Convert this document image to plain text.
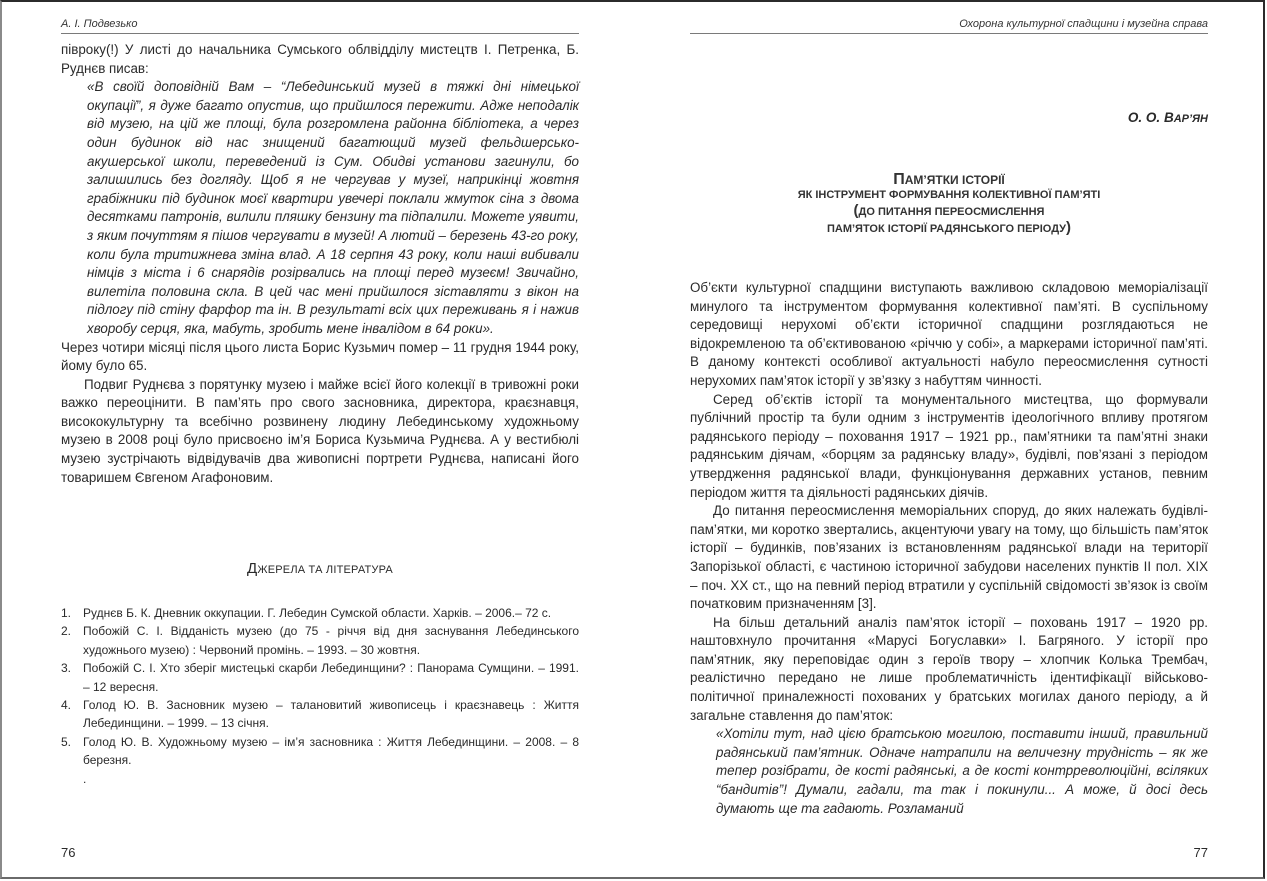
А. І. Подвезько

півроку(!) У листі до начальника Сумського облвідділу мистецтв І. Петренка, Б. Руднєв писав:

«В своїй доповідній Вам – “Лебединський музей в тяжкі дні німецької окупації”, я дуже багато опустив, що прийшлося пережити. Адже неподалік від музею, на цій же площі, була розгромлена районна бібліотека, а через один будинок від нас знищений багатющий музей фельдшерсько-акушерської школи, переведений із Сум. Обидві установи загинули, бо залишились без догляду. Щоб я не чергував у музеї, наприкінці жовтня грабіжники під будинок моєї квартири увечері поклали жмуток сіна з двома десятками патронів, вилили пляшку бензину та підпалили. Можете уявити, з яким почуттям я пішов чергувати в музей! А лютий – березень 43-го року, коли була тритижнева зміна влад. А 18 серпня 43 року, коли наші вибивали німців з міста і 6 снарядів розірвались на площі перед музеєм! Звичайно, вилетіла половина скла. В цей час мені прийшлося зіставляти з вікон на підлогу під стіну фарфор та ін. В результаті всіх цих переживань я і нажив хворобу серця, яка, мабуть, зробить мене інвалідом в 64 роки».

Через чотири місяці після цього листа Борис Кузьмич помер – 11 грудня 1944 року, йому було 65.

Подвиг Руднєва з порятунку музею і майже всієї його колекції в тривожні роки важко переоцінити. В пам’ять про свого засновника, директора, краєзнавця, висококультурну та всебічно розвинену людину Лебединському художньому музею в 2008 році було присвоєно ім’я Бориса Кузьмича Руднєва. А у вестибюлі музею зустрічають відвідувачів два живописні портрети Руднєва, написані його товаришем Євгеном Агафоновим.

ДЖЕРЕЛА ТА ЛІТЕРАТУРА
1. Руднєв Б. К. Дневник оккупации. Г. Лебедин Сумской области. Харків. – 2006.– 72 с.
2. Побожій С. І. Відданість музею (до 75 - річчя від дня заснування Лебединського художнього музею) : Червоний промінь. – 1993. – 30 жовтня.
3. Побожій С. І. Хто зберіг мистецькі скарби Лебединщини? : Панорама Сумщини. – 1991. – 12 вересня.
4. Голод Ю. В. Засновник музею – талановитий живописець і краєзнавець : Життя Лебединщини. – 1999. – 13 січня.
5. Голод Ю. В. Художньому музею – ім’я засновника : Життя Лебединщини. – 2008. – 8 березня.
.
76
Охорона культурної спадщини і музейна справа
О. О. ВАР’ЯН
ПАМ’ЯТКИ ІСТОРІЇ
ЯК ІНСТРУМЕНТ ФОРМУВАННЯ КОЛЕКТИВНОЇ ПАМ’ЯТІ
(ДО ПИТАННЯ ПЕРЕОСМИСЛЕННЯ
ПАМ’ЯТОК ІСТОРІЇ РАДЯНСЬКОГО ПЕРІОДУ)

Об’єкти культурної спадщини виступають важливою складовою меморіалізації минулого та інструментом формування колективної пам’яті. В суспільному середовищі нерухомі об’єкти історичної спадщини розглядаються не відокремленою та об’єктивованою «річчю у собі», а маркерами історичної пам’яті. В даному контексті особливої актуальності набуло переосмислення сутності нерухомих пам’яток історії у зв’язку з набуттям чинності.

Серед об’єктів історії та монументального мистецтва, що формували публічний простір та були одним з інструментів ідеологічного впливу протягом радянського періоду – поховання 1917 – 1921 рр., пам’ятники та пам’ятні знаки радянським діячам, «борцям за радянську владу», будівлі, пов’язані з періодом утвердження радянської влади, функціонування державних установ, певним періодом життя та діяльності радянських діячів.

До питання переосмислення меморіальних споруд, до яких належать будівлі-пам’ятки, ми коротко звертались, акцентуючи увагу на тому, що більшість пам’яток історії – будинків, пов’язаних із встановленням радянської влади на території Запорізької області, є частиною історичної забудови населених пунктів ІІ пол. ХІХ – поч. ХХ ст., що на певний період втратили у суспільній свідомості зв’язок із своїм початковим призначенням [3].

На більш детальний аналіз пам’яток історії – поховань 1917 – 1920 рр. наштовхнуло прочитання «Марусі Богуславки» І. Багряного. У історії про пам’ятник, яку переповідає один з героїв твору – хлопчик Колька Трембач, реалістично передано не лише проблематичність ідентифікації військово-політичної приналежності похованих у братських могилах даного періоду, а й загальне ставлення до пам’яток:

«Хотіли тут, над цією братською могилою, поставити інший, правильний радянський пам’ятник. Одначе натрапили на величезну трудність – як же тепер розібрати, де кості радянські, а де кості контрреволюційні, всіляких “бандитів”! Думали, гадали, та так і покинули... А може, й досі десь думають ще та гадають. Розламаний

77
